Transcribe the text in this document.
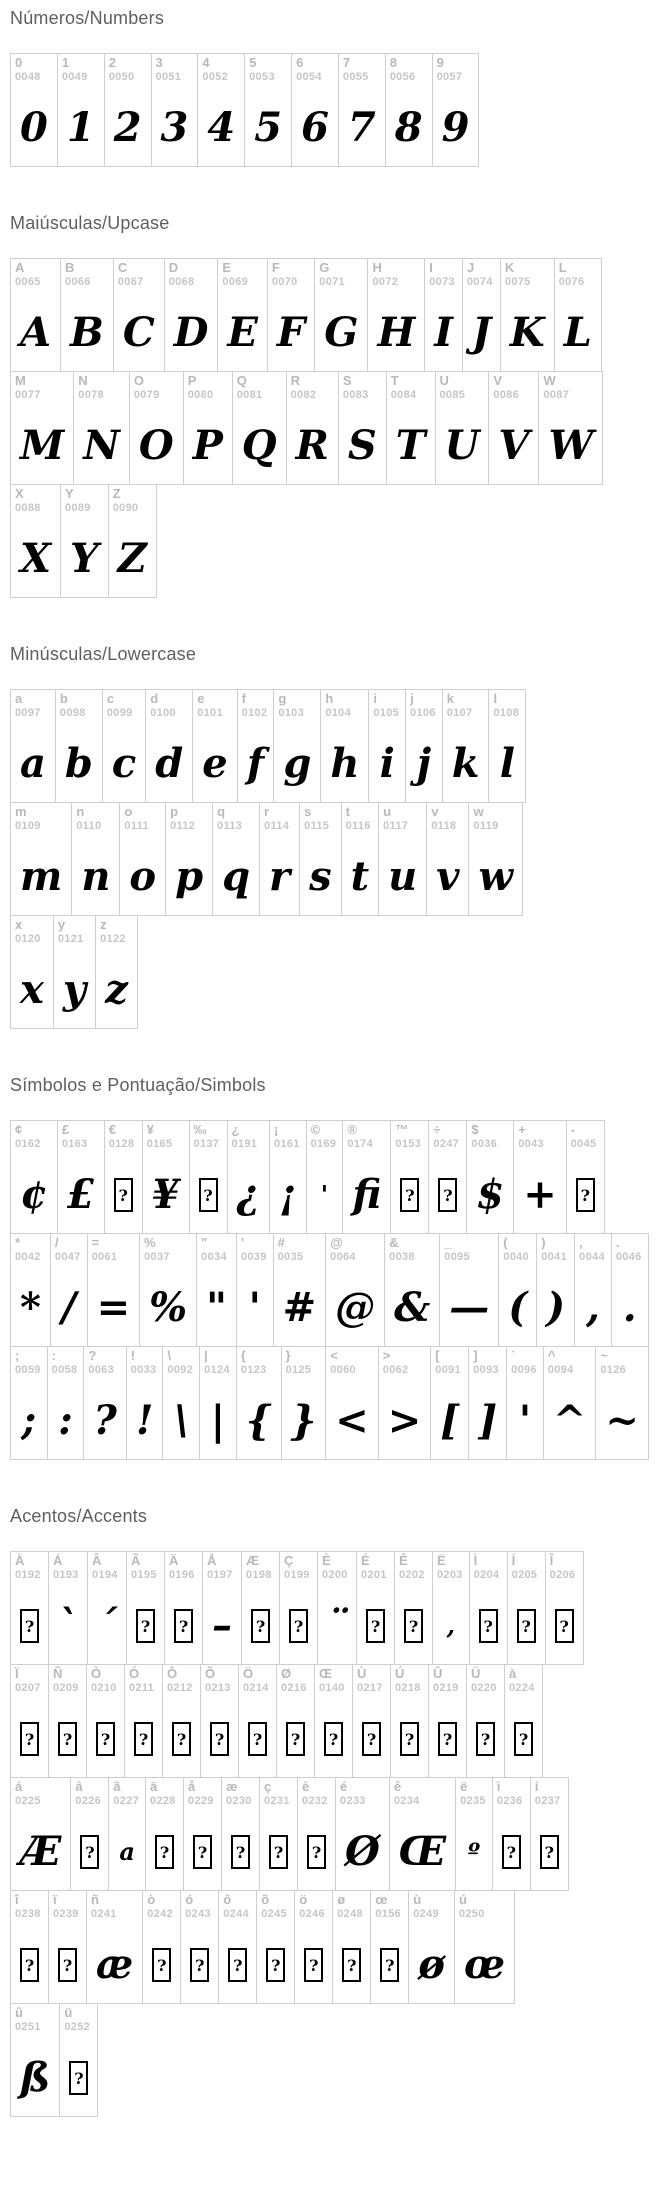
Números/Numbers
0
0048
0
1
0049
1
2
0050
2
3
0051
3
4
0052
4
5
0053
5
6
0054
6
7
0055
7
8
0056
8
9
0057
9
Maiúsculas/Upcase
A
0065
A
B
0066
B
C
0067
C
D
0068
D
E
0069
E
F
0070
F
G
0071
G
H
0072
H
I
0073
I
J
0074
J
K
0075
K
L
0076
L
M
0077
M
N
0078
N
O
0079
O
P
0080
P
Q
0081
Q
R
0082
R
S
0083
S
T
0084
T
U
0085
U
V
0086
V
W
0087
W
X
0088
X
Y
0089
Y
Z
0090
Z
Minúsculas/Lowercase
a
0097
a
b
0098
b
c
0099
c
d
0100
d
e
0101
e
f
0102
f
g
0103
g
h
0104
h
i
0105
i
j
0106
j
k
0107
k
l
0108
l
m
0109
m
n
0110
n
o
0111
o
p
0112
p
q
0113
q
r
0114
r
s
0115
s
t
0116
t
u
0117
u
v
0118
v
w
0119
w
x
0120
x
y
0121
y
z
0122
z
Símbolos e Pontuação/Simbols
¢
0162
¢
£
0163
£
€
0128
?
¥
0165
¥
‰
0137
?
¿
0191
¿
¡
0161
¡
©
0169
'
®
0174
fi
™
0153
?
÷
0247
?
$
0036
$
+
0043
+
-
0045
?
*
0042
*
/
0047
/
=
0061
=
%
0037
%
"
0034
"
'
0039
'
#
0035
#
@
0064
@
&
0038
&
_
0095
—
(
0040
(
)
0041
)
,
0044
,
.
0046
.
;
0059
;
:
0058
:
?
0063
?
!
0033
!
\
0092
\
|
0124
|
{
0123
{
}
0125
}
<
0060
<
>
0062
>
[
0091
[
]
0093
]
`
0096
'
^
0094
^
~
0126
~
Acentos/Accents
À
0192
?
Á
0193
`
Â
0194
´
Ã
0195
?
Ä
0196
?
Å
0197
–
Æ
0198
?
Ç
0199
?
È
0200
¨
É
0201
?
Ê
0202
?
Ë
0203
,
Ì
0204
?
Í
0205
?
Î
0206
?
Ï
0207
?
Ñ
0209
?
Ò
0210
?
Ó
0211
?
Ô
0212
?
Õ
0213
?
Ö
0214
?
Ø
0216
?
Œ
0140
?
Ù
0217
?
Ú
0218
?
Û
0219
?
Ü
0220
?
à
0224
?
á
0225
Æ
â
0226
?
ã
0227
a
ä
0228
?
å
0229
?
æ
0230
?
ç
0231
?
è
0232
?
é
0233
Ø
ê
0234
Œ
ë
0235
º
ì
0236
?
í
0237
?
î
0238
?
ï
0239
?
ñ
0241
æ
ò
0242
?
ó
0243
?
ô
0244
?
õ
0245
?
ö
0246
?
ø
0248
?
œ
0156
?
ù
0249
ø
ú
0250
œ
û
0251
ß
ü
0252
?
